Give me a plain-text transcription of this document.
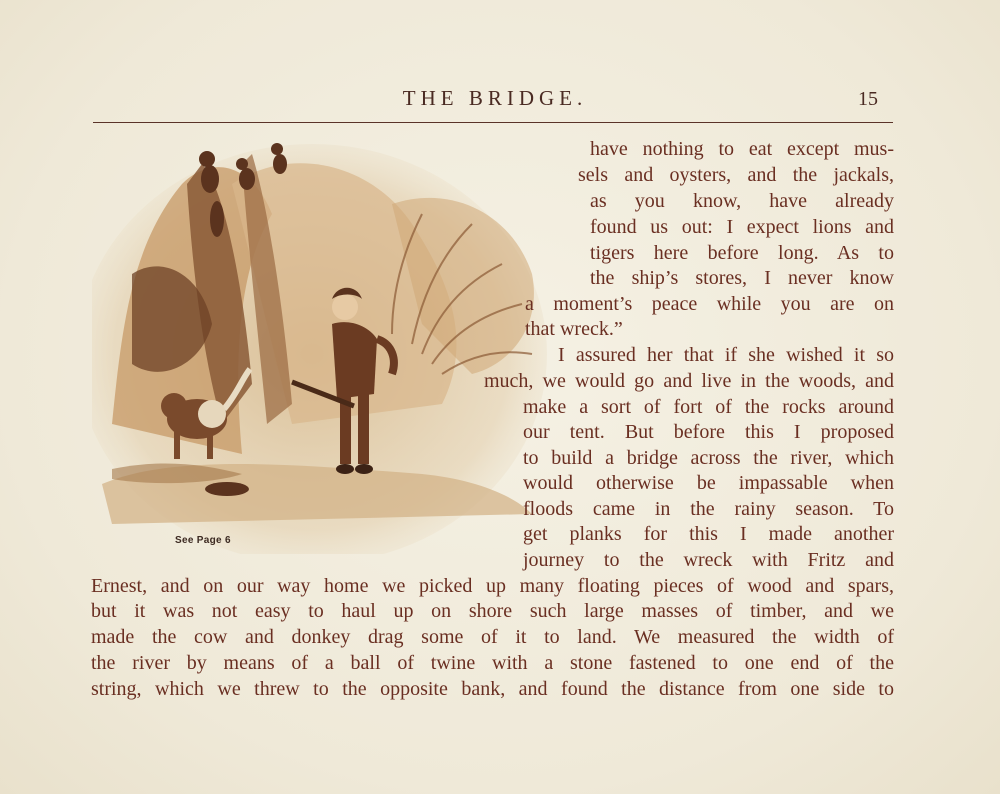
THE BRIDGE.	15
See Page 6
have nothing to eat except mus-
sels and oysters, and the jackals,
as you know, have already
found us out: I expect lions and
tigers here before long. As to
the ship’s stores, I never know
a moment’s peace while you are on
that wreck.”
I assured her that if she wished it so
much, we would go and live in the woods, and
make a sort of fort of the rocks around
our tent. But before this I proposed
to build a bridge across the river, which
would otherwise be impassable when
floods came in the rainy season. To
get planks for this I made another
journey to the wreck with Fritz and
Ernest, and on our way home we picked up many floating pieces of wood and spars,
but it was not easy to haul up on shore such large masses of timber, and we
made the cow and donkey drag some of it to land. We measured the width of
the river by means of a ball of twine with a stone fastened to one end of the
string, which we threw to the opposite bank, and found the distance from one side to
